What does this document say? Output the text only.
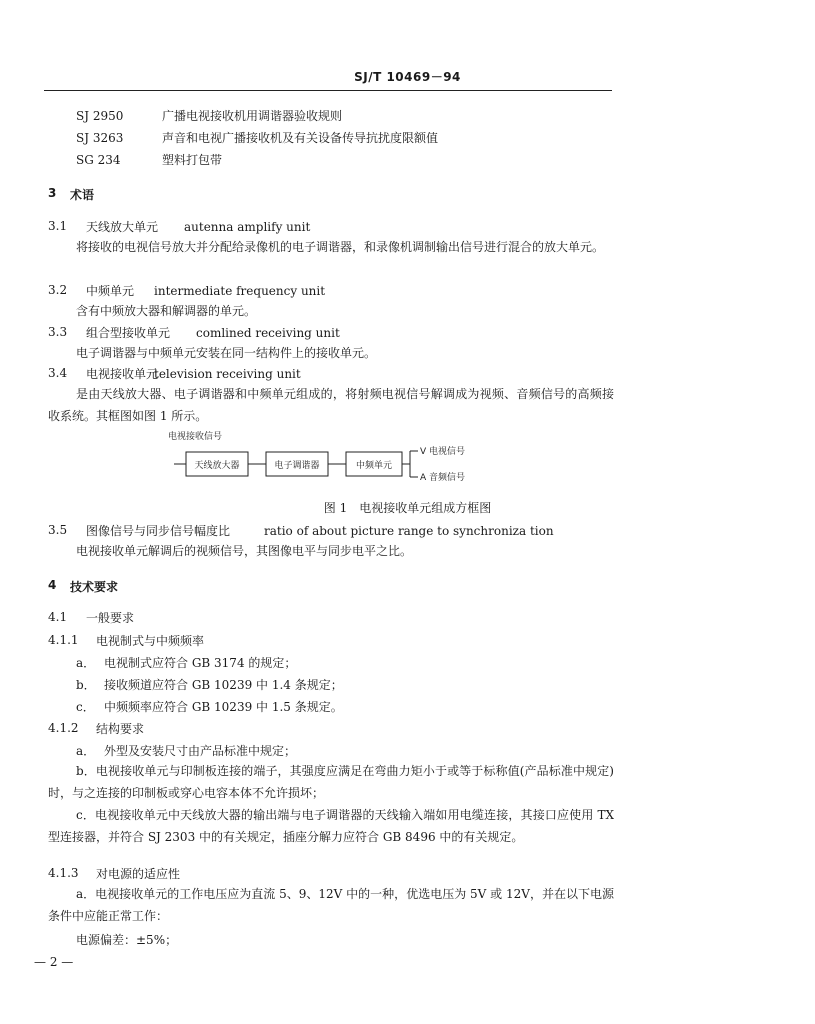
SJ/T 10469－94
SJ 2950	广播电视接收机用调谐器验收规则
SJ 3263	声音和电视广播接收机及有关设备传导抗扰度限额值
SG 234	塑料打包带
3 术语
3.1 天线放大单元 autenna amplify unit
将接收的电视信号放大并分配给录像机的电子调谐器，和录像机调制输出信号进行混合的放大单元。
3.2 中频单元 intermediate frequency unit
含有中频放大器和解调器的单元。
3.3 组合型接收单元 comlined receiving unit
电子调谐器与中频单元安装在同一结构件上的接收单元。
3.4 电视接收单元
television receiving unit
是由天线放大器、电子调谐器和中频单元组成的，将射频电视信号解调成为视频、音频信号的高频接收系统。其框图如图 1 所示。
电视接收信号
天线放大器	电子调谐器	中频单元
V 电视信号
A 音频信号
图 1　电视接收单元组成方框图
3.5 图像信号与同步信号幅度比	ratio of about picture range to synchroniza tion
电视接收单元解调后的视频信号，其图像电平与同步电平之比。
4 技术要求
4.1 一般要求
4.1.1 电视制式与中频频率
a． 电视制式应符合 GB 3174 的规定；
b． 接收频道应符合 GB 10239 中 1.4 条规定；
c． 中频频率应符合 GB 10239 中 1.5 条规定。
4.1.2 结构要求
a． 外型及安装尺寸由产品标准中规定；
b．电视接收单元与印制板连接的端子，其强度应满足在弯曲力矩小于或等于标称值(产品标准中规定)时，与之连接的印制板或穿心电容本体不允许损坏；
c．电视接收单元中天线放大器的输出端与电子调谐器的天线输入端如用电缆连接，其接口应使用 TX 型连接器，并符合 SJ 2303 中的有关规定，插座分解力应符合 GB 8496 中的有关规定。
4.1.3 对电源的适应性
a．电视接收单元的工作电压应为直流 5、9、12V 中的一种，优选电压为 5V 或 12V，并在以下电源条件中应能正常工作：
电源偏差：±5%；
— 2 —
